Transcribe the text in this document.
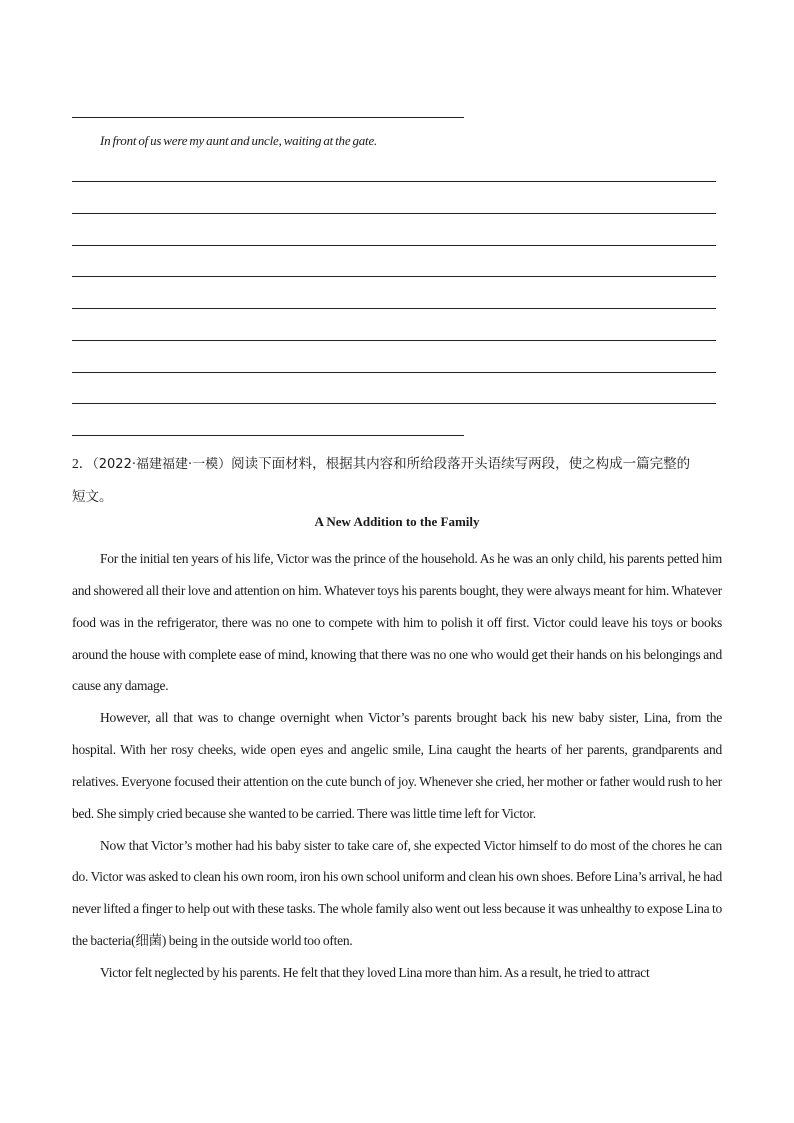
In front of us were my aunt and uncle, waiting at the gate.
2．（2022·福建福建·一模）阅读下面材料，根据其内容和所给段落开头语续写两段，使之构成一篇完整的
短文。
A New Addition to the Family

For the initial ten years of his life, Victor was the prince of the household. As he was an only child, his parents petted him and showered all their love and attention on him. Whatever toys his parents bought, they were always meant for him. Whatever food was in the refrigerator, there was no one to compete with him to polish it off first. Victor could leave his toys or books around the house with complete ease of mind, knowing that there was no one who would get their hands on his belongings and cause any damage.

However, all that was to change overnight when Victor’s parents brought back his new baby sister, Lina, from the hospital. With her rosy cheeks, wide open eyes and angelic smile, Lina caught the hearts of her parents, grandparents and relatives. Everyone focused their attention on the cute bunch of joy. Whenever she cried, her mother or father would rush to her bed. She simply cried because she wanted to be carried. There was little time left for Victor.

Now that Victor’s mother had his baby sister to take care of, she expected Victor himself to do most of the chores he can do. Victor was asked to clean his own room, iron his own school uniform and clean his own shoes. Before Lina’s arrival, he had never lifted a finger to help out with these tasks. The whole family also went out less because it was unhealthy to expose Lina to the bacteria(细菌) being in the outside world too often.

Victor felt neglected by his parents. He felt that they loved Lina more than him. As a result, he tried to attract
